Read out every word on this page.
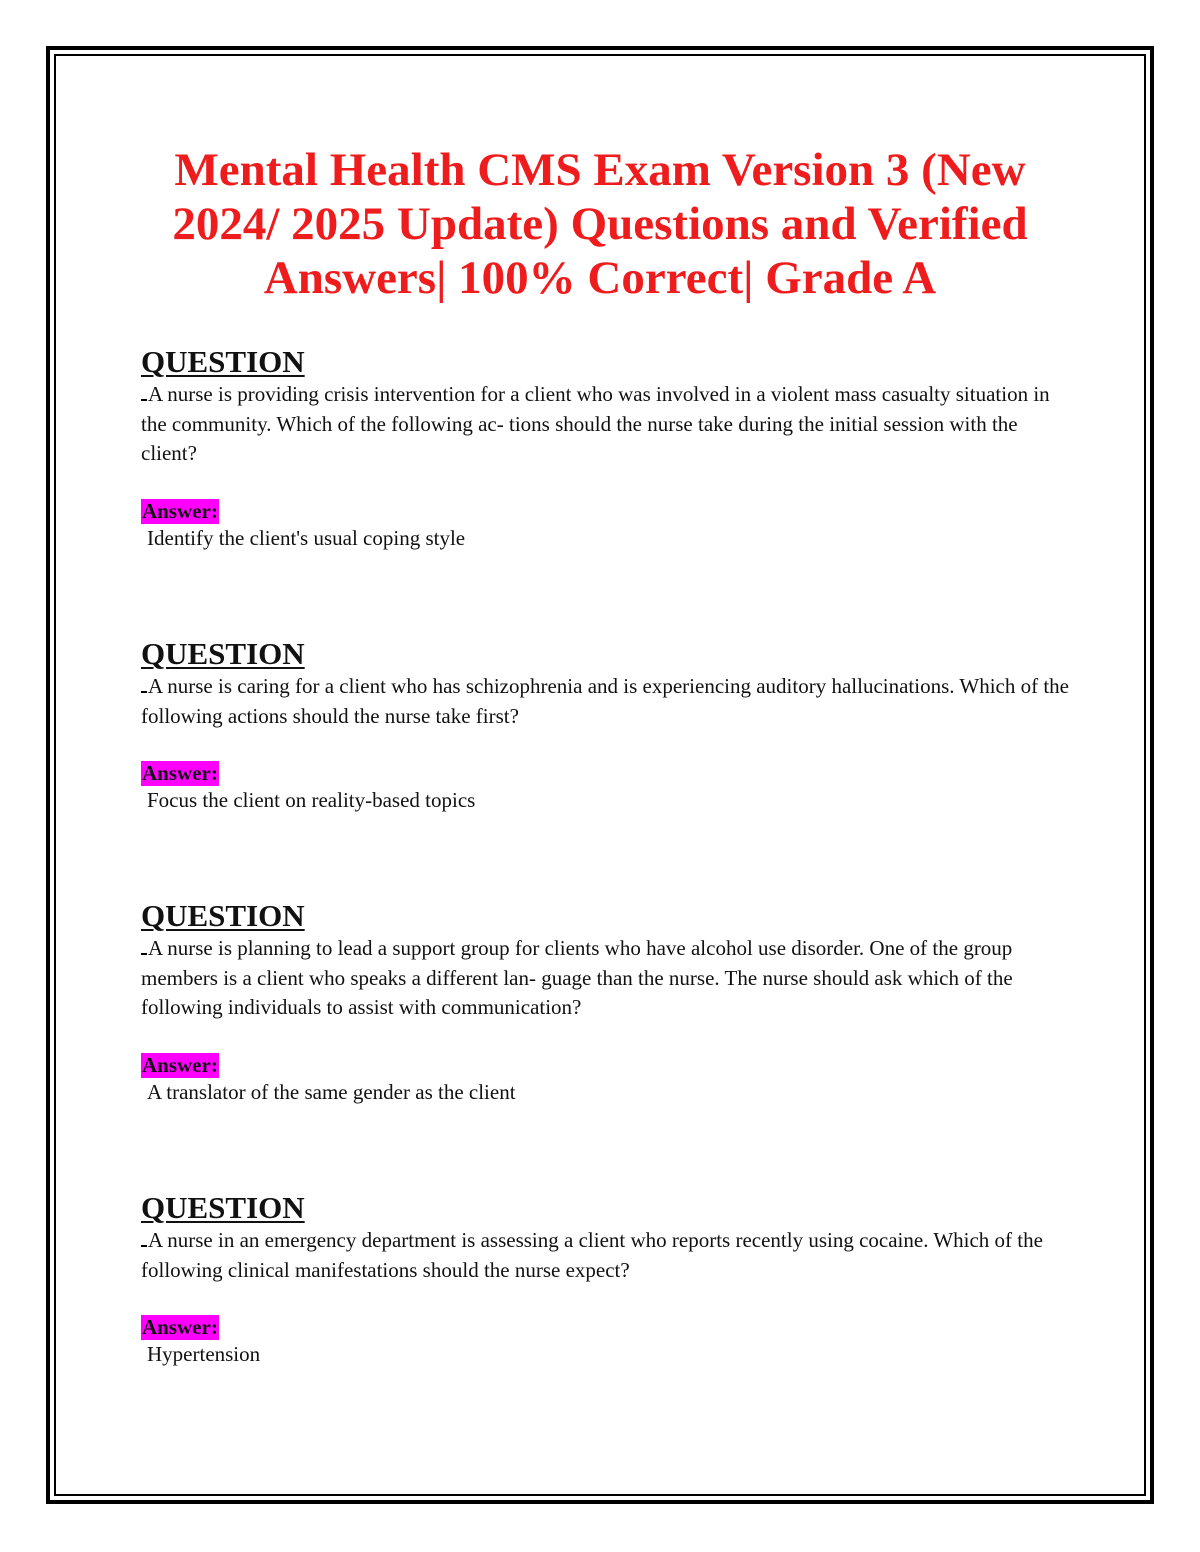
Mental Health CMS Exam Version 3 (New 2024/ 2025 Update) Questions and Verified Answers| 100% Correct| Grade A

QUESTION

A nurse is providing crisis intervention for a client who was involved in a violent mass casualty situation in the community. Which of the following ac- tions should the nurse take during the initial session with the client?

Answer:

Identify the client's usual coping style

QUESTION

A nurse is caring for a client who has schizophrenia and is experiencing auditory hallucinations. Which of the following actions should the nurse take first?

Answer:

Focus the client on reality-based topics

QUESTION

A nurse is planning to lead a support group for clients who have alcohol use disorder. One of the group members is a client who speaks a different lan- guage than the nurse. The nurse should ask which of the following individuals to assist with communication?

Answer:

A translator of the same gender as the client

QUESTION

A nurse in an emergency department is assessing a client who reports recently using cocaine. Which of the following clinical manifestations should the nurse expect?

Answer:

Hypertension
